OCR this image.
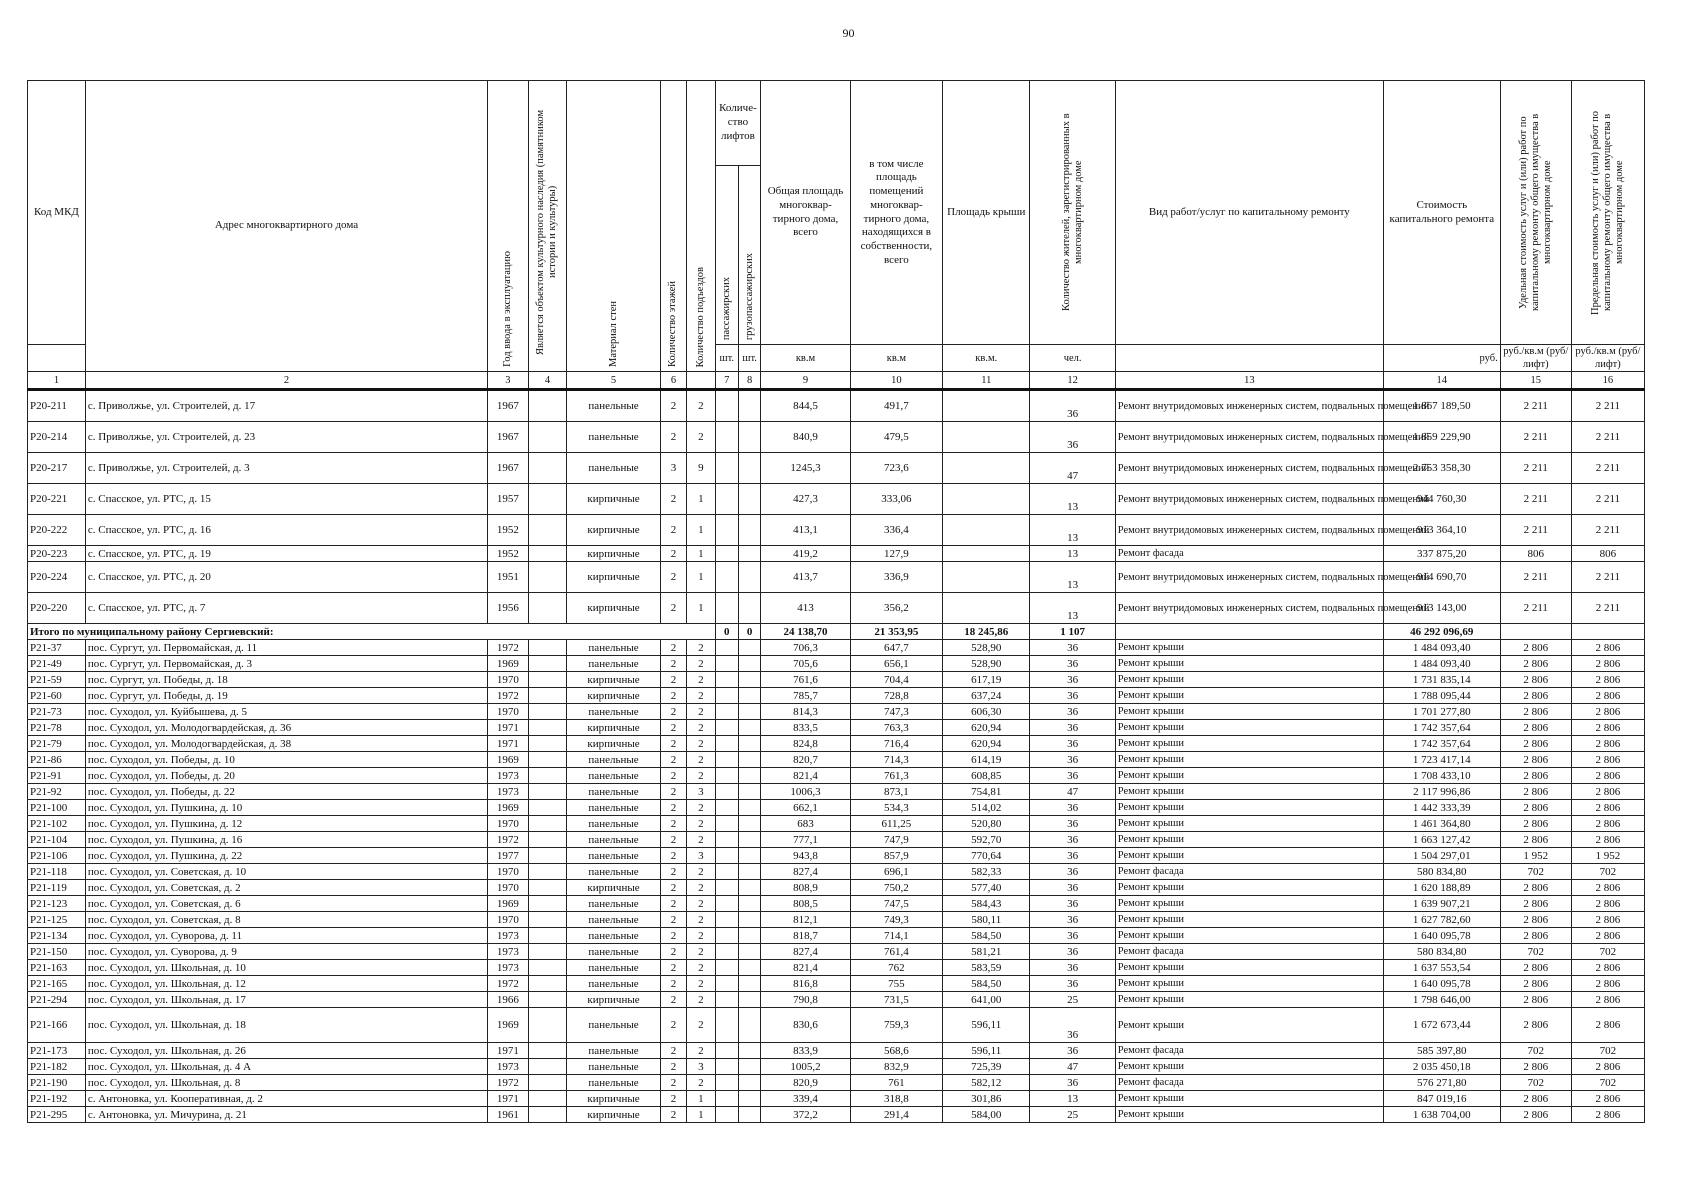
90
Код МКД	Адрес многоквартирного дома	Год ввода в эксплуатацию	Является объектом культурного наследия (памятником истории и культуры)	Материал стен	Количество этажей	Количество подъездов	Количе-ство лифтов		Общая площадь многоквар-тирного дома, всего	в том числе площадь помещений многоквар-тирного дома, находящихся в собственности, всего	Площадь крыши	Количество жителей, зарегистрированных в многоквартирном доме	Вид работ/услуг по капитальному ремонту	Стоимость капитального ремонта	Удельная стоимость услуг и (или) работ по капитальному ремонту общего имущества в многоквартирном доме	Предельная стоимость услуг и (или) работ по капитальному ремонту общего имущества в многоквартирном доме

							пассажирских	грузопассажирских								

							шт.	шт.	кв.м	кв.м	кв.м.	чел.		руб.	руб./кв.м (руб/лифт)	руб./кв.м (руб/лифт)
1	2	3	4	5	6		7	8	9	10	11	12	13	14	15	16
P20-211	с. Приволжье, ул. Строителей, д. 17	1967		панельные	2	2			844,5	491,7		36	Ремонт внутридомовых инженерных систем, подвальных помещений	1 867 189,50	2 211	2 211
P20-214	с. Приволжье, ул. Строителей, д. 23	1967		панельные	2	2			840,9	479,5		36	Ремонт внутридомовых инженерных систем, подвальных помещений	1 859 229,90	2 211	2 211
P20-217	с. Приволжье, ул. Строителей, д. 3	1967		панельные	3	9			1245,3	723,6		47	Ремонт внутридомовых инженерных систем, подвальных помещений	2 753 358,30	2 211	2 211
P20-221	с. Спасское, ул. РТС, д. 15	1957		кирпичные	2	1			427,3	333,06		13	Ремонт внутридомовых инженерных систем, подвальных помещений	944 760,30	2 211	2 211
P20-222	с. Спасское, ул. РТС, д. 16	1952		кирпичные	2	1			413,1	336,4		13	Ремонт внутридомовых инженерных систем, подвальных помещений	913 364,10	2 211	2 211
P20-223	с. Спасское, ул. РТС, д. 19	1952		кирпичные	2	1			419,2	127,9		13	Ремонт фасада	337 875,20	806	806
P20-224	с. Спасское, ул. РТС, д. 20	1951		кирпичные	2	1			413,7	336,9		13	Ремонт внутридомовых инженерных систем, подвальных помещений	914 690,70	2 211	2 211
P20-220	с. Спасское, ул. РТС, д. 7	1956		кирпичные	2	1			413	356,2		13	Ремонт внутридомовых инженерных систем, подвальных помещений	913 143,00	2 211	2 211
Итого по муниципальному району Сергиевский:							0	0	24 138,70	21 353,95	18 245,86	1 107		46 292 096,69		
P21-37	пос. Сургут, ул. Первомайская, д. 11	1972		панельные	2	2			706,3	647,7	528,90	36	Ремонт крыши	1 484 093,40	2 806	2 806
P21-49	пос. Сургут, ул. Первомайская, д. 3	1969		панельные	2	2			705,6	656,1	528,90	36	Ремонт крыши	1 484 093,40	2 806	2 806
P21-59	пос. Сургут, ул. Победы, д. 18	1970		кирпичные	2	2			761,6	704,4	617,19	36	Ремонт крыши	1 731 835,14	2 806	2 806
P21-60	пос. Сургут, ул. Победы, д. 19	1972		кирпичные	2	2			785,7	728,8	637,24	36	Ремонт крыши	1 788 095,44	2 806	2 806
P21-73	пос. Суходол, ул. Куйбышева, д. 5	1970		панельные	2	2			814,3	747,3	606,30	36	Ремонт крыши	1 701 277,80	2 806	2 806
P21-78	пос. Суходол, ул. Молодогвардейская, д. 36	1971		кирпичные	2	2			833,5	763,3	620,94	36	Ремонт крыши	1 742 357,64	2 806	2 806
P21-79	пос. Суходол, ул. Молодогвардейская, д. 38	1971		кирпичные	2	2			824,8	716,4	620,94	36	Ремонт крыши	1 742 357,64	2 806	2 806
P21-86	пос. Суходол, ул. Победы, д. 10	1969		панельные	2	2			820,7	714,3	614,19	36	Ремонт крыши	1 723 417,14	2 806	2 806
P21-91	пос. Суходол, ул. Победы, д. 20	1973		панельные	2	2			821,4	761,3	608,85	36	Ремонт крыши	1 708 433,10	2 806	2 806
P21-92	пос. Суходол, ул. Победы, д. 22	1973		панельные	2	3			1006,3	873,1	754,81	47	Ремонт крыши	2 117 996,86	2 806	2 806
P21-100	пос. Суходол, ул. Пушкина, д. 10	1969		панельные	2	2			662,1	534,3	514,02	36	Ремонт крыши	1 442 333,39	2 806	2 806
P21-102	пос. Суходол, ул. Пушкина, д. 12	1970		панельные	2	2			683	611,25	520,80	36	Ремонт крыши	1 461 364,80	2 806	2 806
P21-104	пос. Суходол, ул. Пушкина, д. 16	1972		панельные	2	2			777,1	747,9	592,70	36	Ремонт крыши	1 663 127,42	2 806	2 806
P21-106	пос. Суходол, ул. Пушкина, д. 22	1977		панельные	2	3			943,8	857,9	770,64	36	Ремонт крыши	1 504 297,01	1 952	1 952
P21-118	пос. Суходол, ул. Советская, д. 10	1970		панельные	2	2			827,4	696,1	582,33	36	Ремонт фасада	580 834,80	702	702
P21-119	пос. Суходол, ул. Советская, д. 2	1970		кирпичные	2	2			808,9	750,2	577,40	36	Ремонт крыши	1 620 188,89	2 806	2 806
P21-123	пос. Суходол, ул. Советская, д. 6	1969		панельные	2	2			808,5	747,5	584,43	36	Ремонт крыши	1 639 907,21	2 806	2 806
P21-125	пос. Суходол, ул. Советская, д. 8	1970		панельные	2	2			812,1	749,3	580,11	36	Ремонт крыши	1 627 782,60	2 806	2 806
P21-134	пос. Суходол, ул. Суворова, д. 11	1973		панельные	2	2			818,7	714,1	584,50	36	Ремонт крыши	1 640 095,78	2 806	2 806
P21-150	пос. Суходол, ул. Суворова, д. 9	1973		панельные	2	2			827,4	761,4	581,21	36	Ремонт фасада	580 834,80	702	702
P21-163	пос. Суходол, ул. Школьная, д. 10	1973		панельные	2	2			821,4	762	583,59	36	Ремонт крыши	1 637 553,54	2 806	2 806
P21-165	пос. Суходол, ул. Школьная, д. 12	1972		панельные	2	2			816,8	755	584,50	36	Ремонт крыши	1 640 095,78	2 806	2 806
P21-294	пос. Суходол, ул. Школьная, д. 17	1966		кирпичные	2	2			790,8	731,5	641,00	25	Ремонт крыши	1 798 646,00	2 806	2 806
P21-166	пос. Суходол, ул. Школьная, д. 18	1969		панельные	2	2			830,6	759,3	596,11	36	Ремонт крыши	1 672 673,44	2 806	2 806
P21-173	пос. Суходол, ул. Школьная, д. 26	1971		панельные	2	2			833,9	568,6	596,11	36	Ремонт фасада	585 397,80	702	702
P21-182	пос. Суходол, ул. Школьная, д. 4 А	1973		панельные	2	3			1005,2	832,9	725,39	47	Ремонт крыши	2 035 450,18	2 806	2 806
P21-190	пос. Суходол, ул. Школьная, д. 8	1972		панельные	2	2			820,9	761	582,12	36	Ремонт фасада	576 271,80	702	702
P21-192	с. Антоновка, ул. Кооперативная, д. 2	1971		кирпичные	2	1			339,4	318,8	301,86	13	Ремонт крыши	847 019,16	2 806	2 806
P21-295	с. Антоновка, ул. Мичурина, д. 21	1961		кирпичные	2	1			372,2	291,4	584,00	25	Ремонт крыши	1 638 704,00	2 806	2 806
